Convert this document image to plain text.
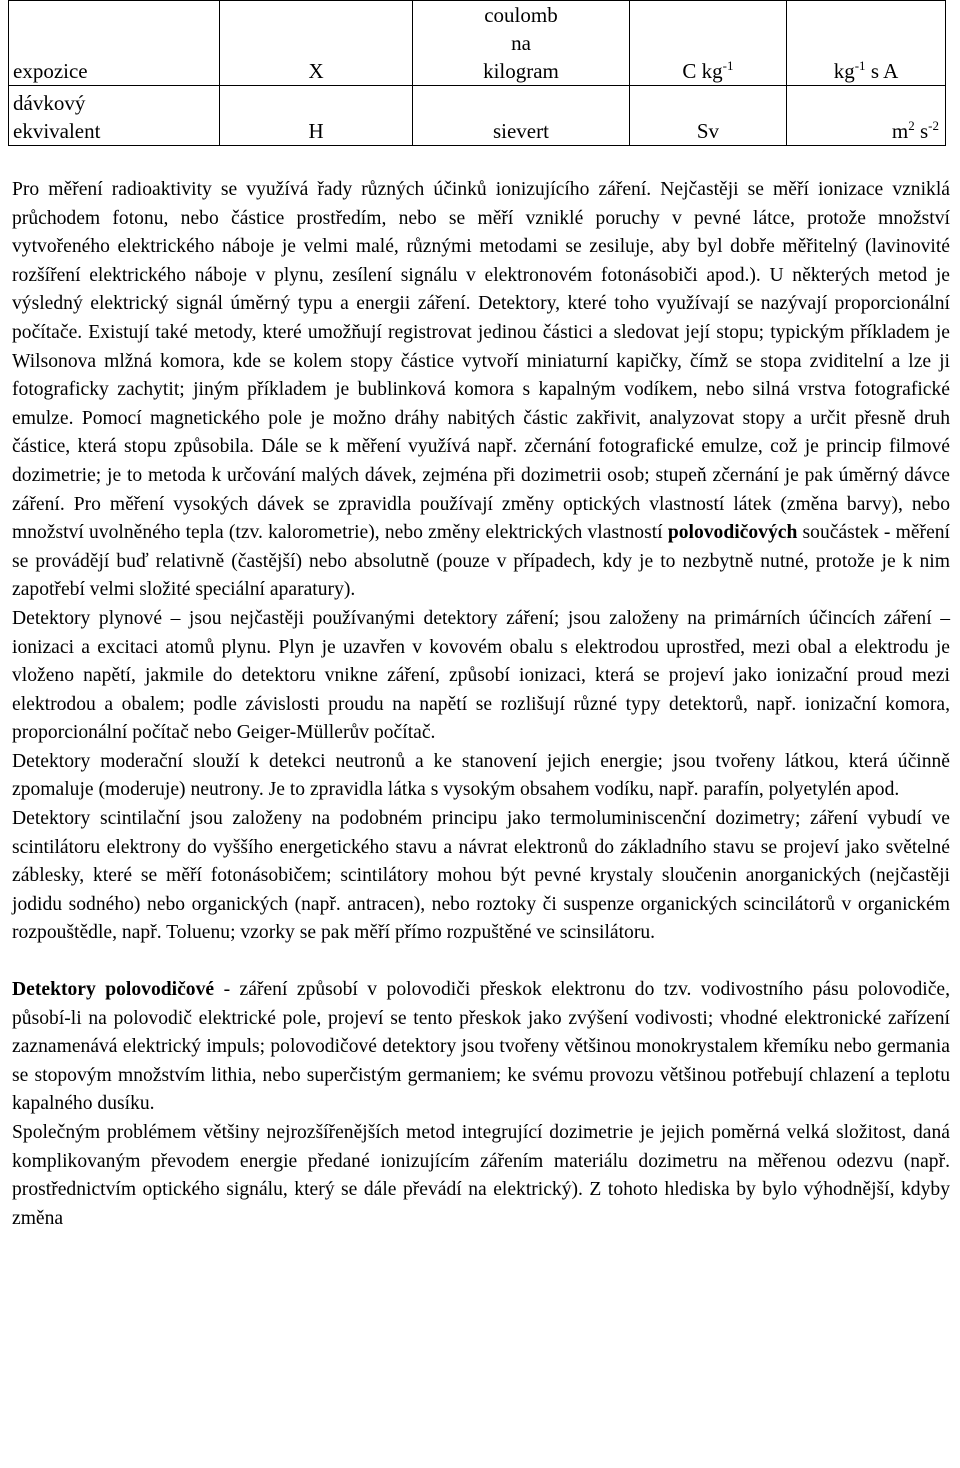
expozice	X	coulomb na kilogram	C $kg^{-1}$	$kg^{-1}$ s A
dávkový ekvivalent	H	sievert	Sv	$m^2$ $s^{-2}$

Pro měření radioaktivity se využívá řady různých účinků ionizujícího záření. Nejčastěji se měří ionizace vzniklá průchodem fotonu, nebo částice prostředím, nebo se měří vzniklé poruchy v pevné látce, protože množství vytvořeného elektrického náboje je velmi malé, různými metodami se zesiluje, aby byl dobře měřitelný (lavinovité rozšíření elektrického náboje v plynu, zesílení signálu v elektronovém fotonásobiči apod.). U některých metod je výsledný elektrický signál úměrný typu a energii záření. Detektory, které toho využívají se nazývají proporcionální počítače. Existují také metody, které umožňují registrovat jedinou částici a sledovat její stopu; typickým příkladem je Wilsonova mlžná komora, kde se kolem stopy částice vytvoří miniaturní kapičky, čímž se stopa zviditelní a lze ji fotograficky zachytit; jiným příkladem je bublinková komora s kapalným vodíkem, nebo silná vrstva fotografické emulze. Pomocí magnetického pole je možno dráhy nabitých částic zakřivit, analyzovat stopy a určit přesně druh částice, která stopu způsobila. Dále se k měření využívá např. zčernání fotografické emulze, což je princip filmové dozimetrie; je to metoda k určování malých dávek, zejména při dozimetrii osob; stupeň zčernání je pak úměrný dávce záření. Pro měření vysokých dávek se zpravidla používají změny optických vlastností látek (změna barvy), nebo množství uvolněného tepla (tzv. kalorometrie), nebo změny elektrických vlastností polovodičových součástek - měření se provádějí buď relativně (častější) nebo absolutně (pouze v případech, kdy je to nezbytně nutné, protože je k nim zapotřebí velmi složité speciální aparatury).

Detektory plynové – jsou nejčastěji používanými detektory záření; jsou založeny na primárních účincích záření – ionizaci a excitaci atomů plynu. Plyn je uzavřen v kovovém obalu s elektrodou uprostřed, mezi obal a elektrodu je vloženo napětí, jakmile do detektoru vnikne záření, způsobí ionizaci, která se projeví jako ionizační proud mezi elektrodou a obalem; podle závislosti proudu na napětí se rozlišují různé typy detektorů, např. ionizační komora, proporcionální počítač nebo Geiger-Müllerův počítač.

Detektory moderační slouží k detekci neutronů a ke stanovení jejich energie; jsou tvořeny látkou, která účinně zpomaluje (moderuje) neutrony. Je to zpravidla látka s vysokým obsahem vodíku, např. parafín, polyetylén apod.

Detektory scintilační jsou založeny na podobném principu jako termoluminiscenční dozimetry; záření vybudí ve scintilátoru elektrony do vyššího energetického stavu a návrat elektronů do základního stavu se projeví jako světelné záblesky, které se měří fotonásobičem; scintilátory mohou být pevné krystaly sloučenin anorganických (nejčastěji jodidu sodného) nebo organických (např. antracen), nebo roztoky či suspenze organických scincilátorů v organickém rozpouštědle, např. Toluenu; vzorky se pak měří přímo rozpuštěné ve scinsilátoru.

Detektory polovodičové - záření způsobí v polovodiči přeskok elektronu do tzv. vodivostního pásu polovodiče, působí-li na polovodič elektrické pole, projeví se tento přeskok jako zvýšení vodivosti; vhodné elektronické zařízení zaznamenává elektrický impuls; polovodičové detektory jsou tvořeny většinou monokrystalem křemíku nebo germania se stopovým množstvím lithia, nebo superčistým germaniem; ke svému provozu většinou potřebují chlazení a teplotu kapalného dusíku.

Společným problémem většiny nejrozšířenějších metod integrující dozimetrie je jejich poměrná velká složitost, daná komplikovaným převodem energie předané ionizujícím zářením materiálu dozimetru na měřenou odezvu (např. prostřednictvím optického signálu, který se dále převádí na elektrický). Z tohoto hlediska by bylo výhodnější, kdyby změna
